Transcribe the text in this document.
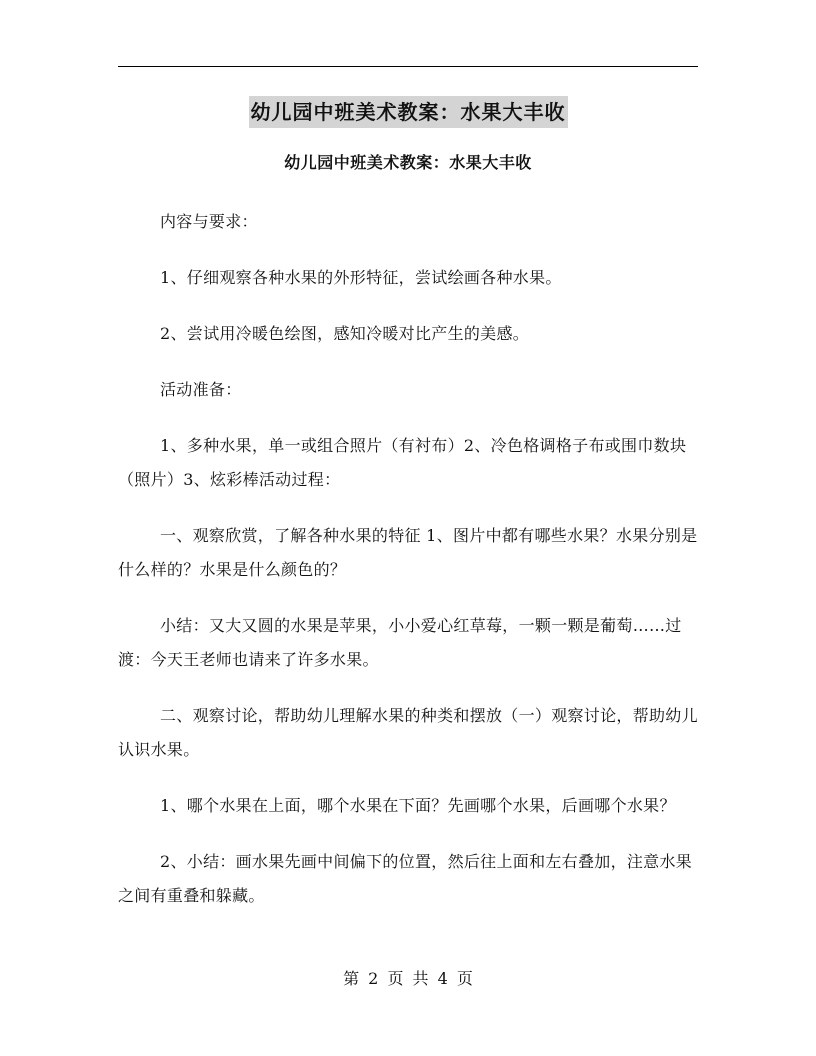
幼儿园中班美术教案：水果大丰收
幼儿园中班美术教案：水果大丰收

内容与要求：

1、仔细观察各种水果的外形特征，尝试绘画各种水果。

2、尝试用冷暖色绘图，感知冷暖对比产生的美感。

活动准备：

1、多种水果，单一或组合照片（有衬布）2、冷色格调格子布或围巾数块（照片）3、炫彩棒活动过程：

一、观察欣赏，了解各种水果的特征 1、图片中都有哪些水果？水果分别是什么样的？水果是什么颜色的？

小结：又大又圆的水果是苹果，小小爱心红草莓，一颗一颗是葡萄……过渡：今天王老师也请来了许多水果。

二、观察讨论，帮助幼儿理解水果的种类和摆放（一）观察讨论，帮助幼儿认识水果。

1、哪个水果在上面，哪个水果在下面？先画哪个水果，后画哪个水果？

2、小结：画水果先画中间偏下的位置，然后往上面和左右叠加，注意水果之间有重叠和躲藏。

第 2 页 共 4 页
